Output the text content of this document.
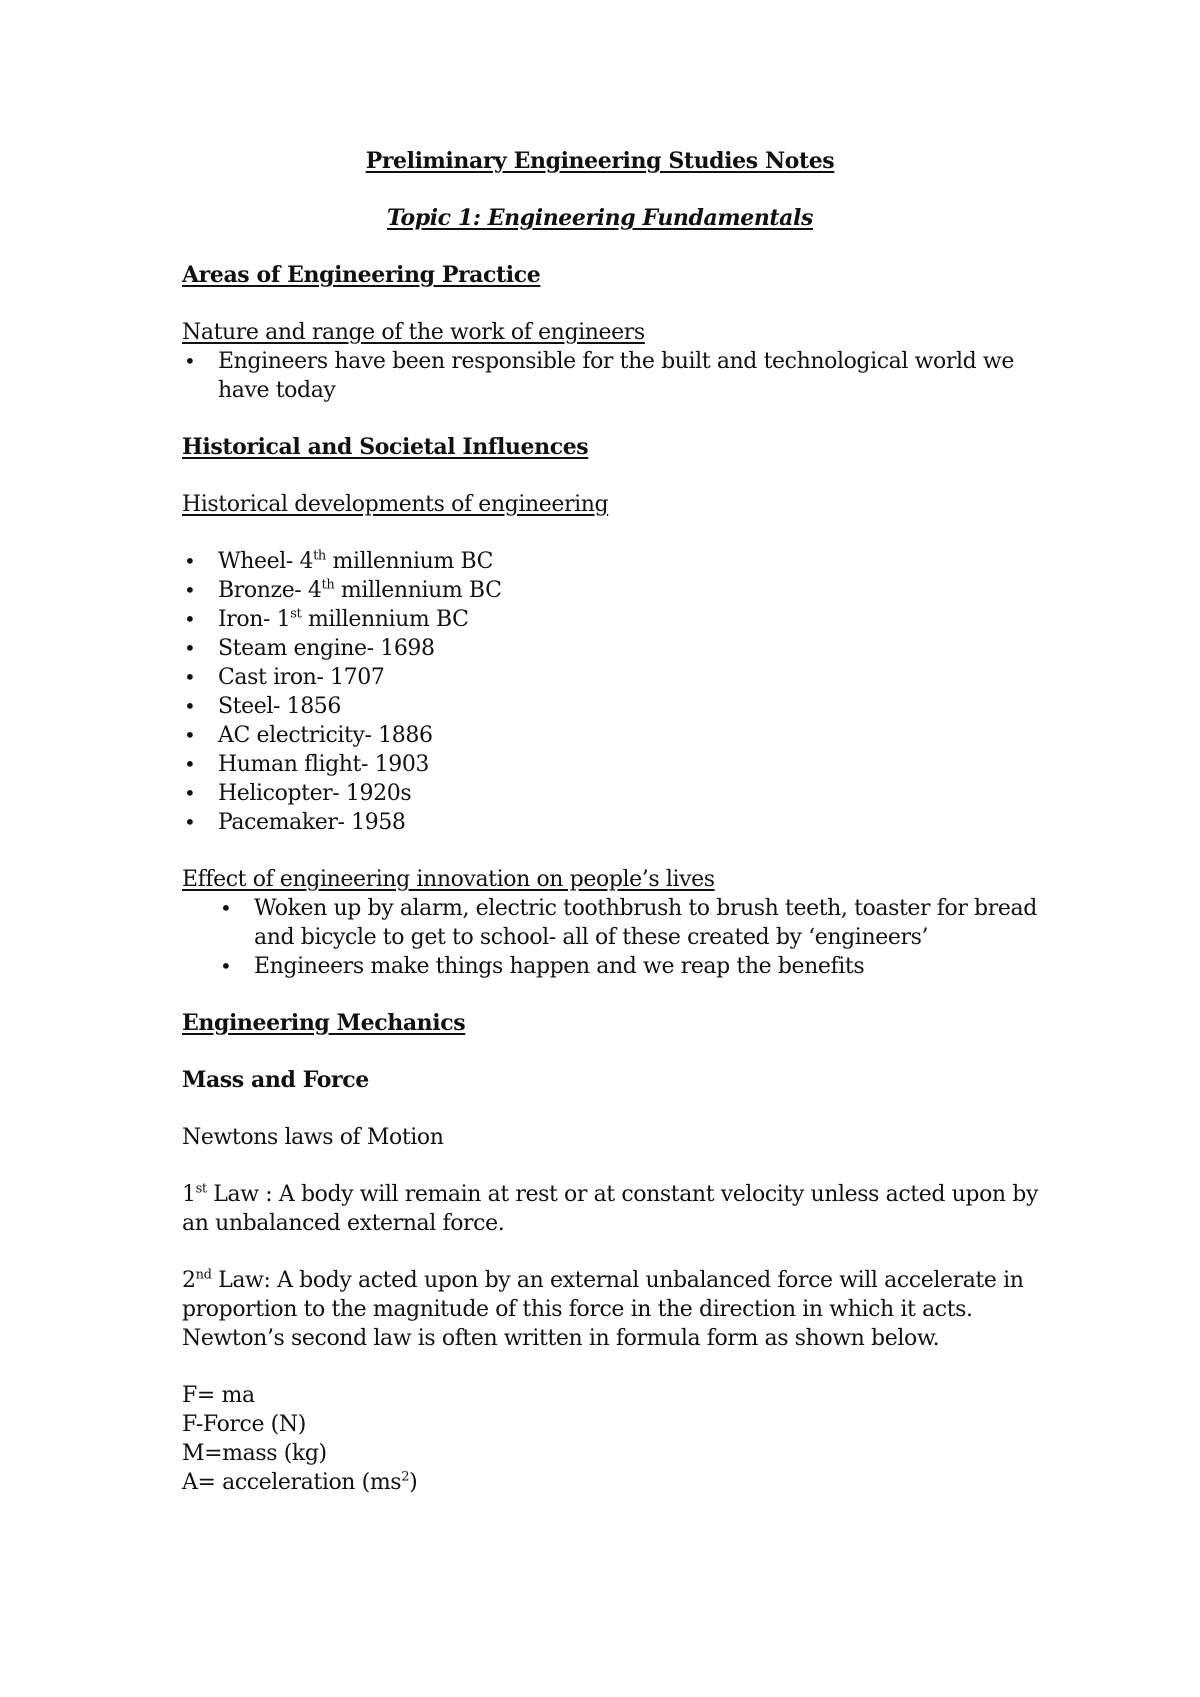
Preliminary Engineering Studies Notes
Topic 1: Engineering Fundamentals
Areas of Engineering Practice
Nature and range of the work of engineers
• Engineers have been responsible for the built and technological world we
have today
Historical and Societal Influences
Historical developments of engineering
• Wheel- 4th millennium BC
• Bronze- 4th millennium BC
• Iron- 1st millennium BC
• Steam engine- 1698
• Cast iron- 1707
• Steel- 1856
• AC electricity- 1886
• Human flight- 1903
• Helicopter- 1920s
• Pacemaker- 1958
Effect of engineering innovation on people’s lives
• Woken up by alarm, electric toothbrush to brush teeth, toaster for bread
and bicycle to get to school- all of these created by ‘engineers’
• Engineers make things happen and we reap the benefits
Engineering Mechanics
Mass and Force
Newtons laws of Motion
1st Law : A body will remain at rest or at constant velocity unless acted upon by
an unbalanced external force.
2nd Law: A body acted upon by an external unbalanced force will accelerate in
proportion to the magnitude of this force in the direction in which it acts.
Newton’s second law is often written in formula form as shown below.
F= ma
F-Force (N)
M=mass (kg)
A= acceleration $(ms^2)$
